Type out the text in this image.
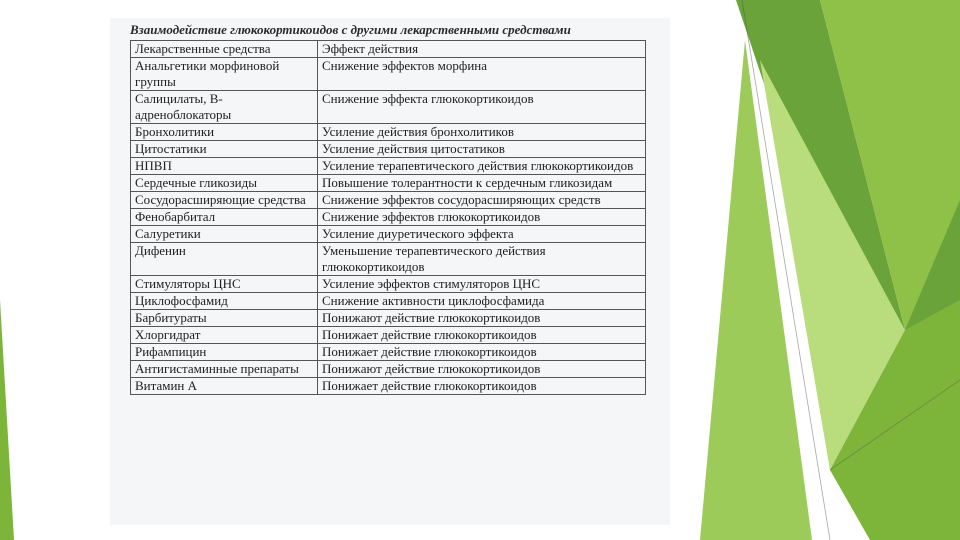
Взаимодействие глюкокортикоидов с другими лекарственными средствами
Лекарственные средства	Эффект действия
Анальгетики морфиновой группы	Снижение эффектов морфина
Салицилаты, В-адреноблокаторы	Снижение эффекта глюкокортикоидов
Бронхолитики	Усиление действия бронхолитиков
Цитостатики	Усиление действия цитостатиков
НПВП	Усиление терапевтического действия глюкокортикоидов
Сердечные гликозиды	Повышение толерантности к сердечным гликозидам
Сосудорасширяющие средства	Снижение эффектов сосудорасширяющих средств
Фенобарбитал	Снижение эффектов глюкокортикоидов
Салуретики	Усиление диуретического эффекта
Дифенин	Уменьшение терапевтического действия глюкокортикоидов
Стимуляторы ЦНС	Усиление эффектов стимуляторов ЦНС
Циклофосфамид	Снижение активности циклофосфамида
Барбитураты	Понижают действие глюкокортикоидов
Хлоргидрат	Понижает действие глюкокортикоидов
Рифампицин	Понижает действие глюкокортикоидов
Антигистаминные препараты	Понижают действие глюкокортикоидов
Витамин А	Понижает действие глюкокортикоидов
